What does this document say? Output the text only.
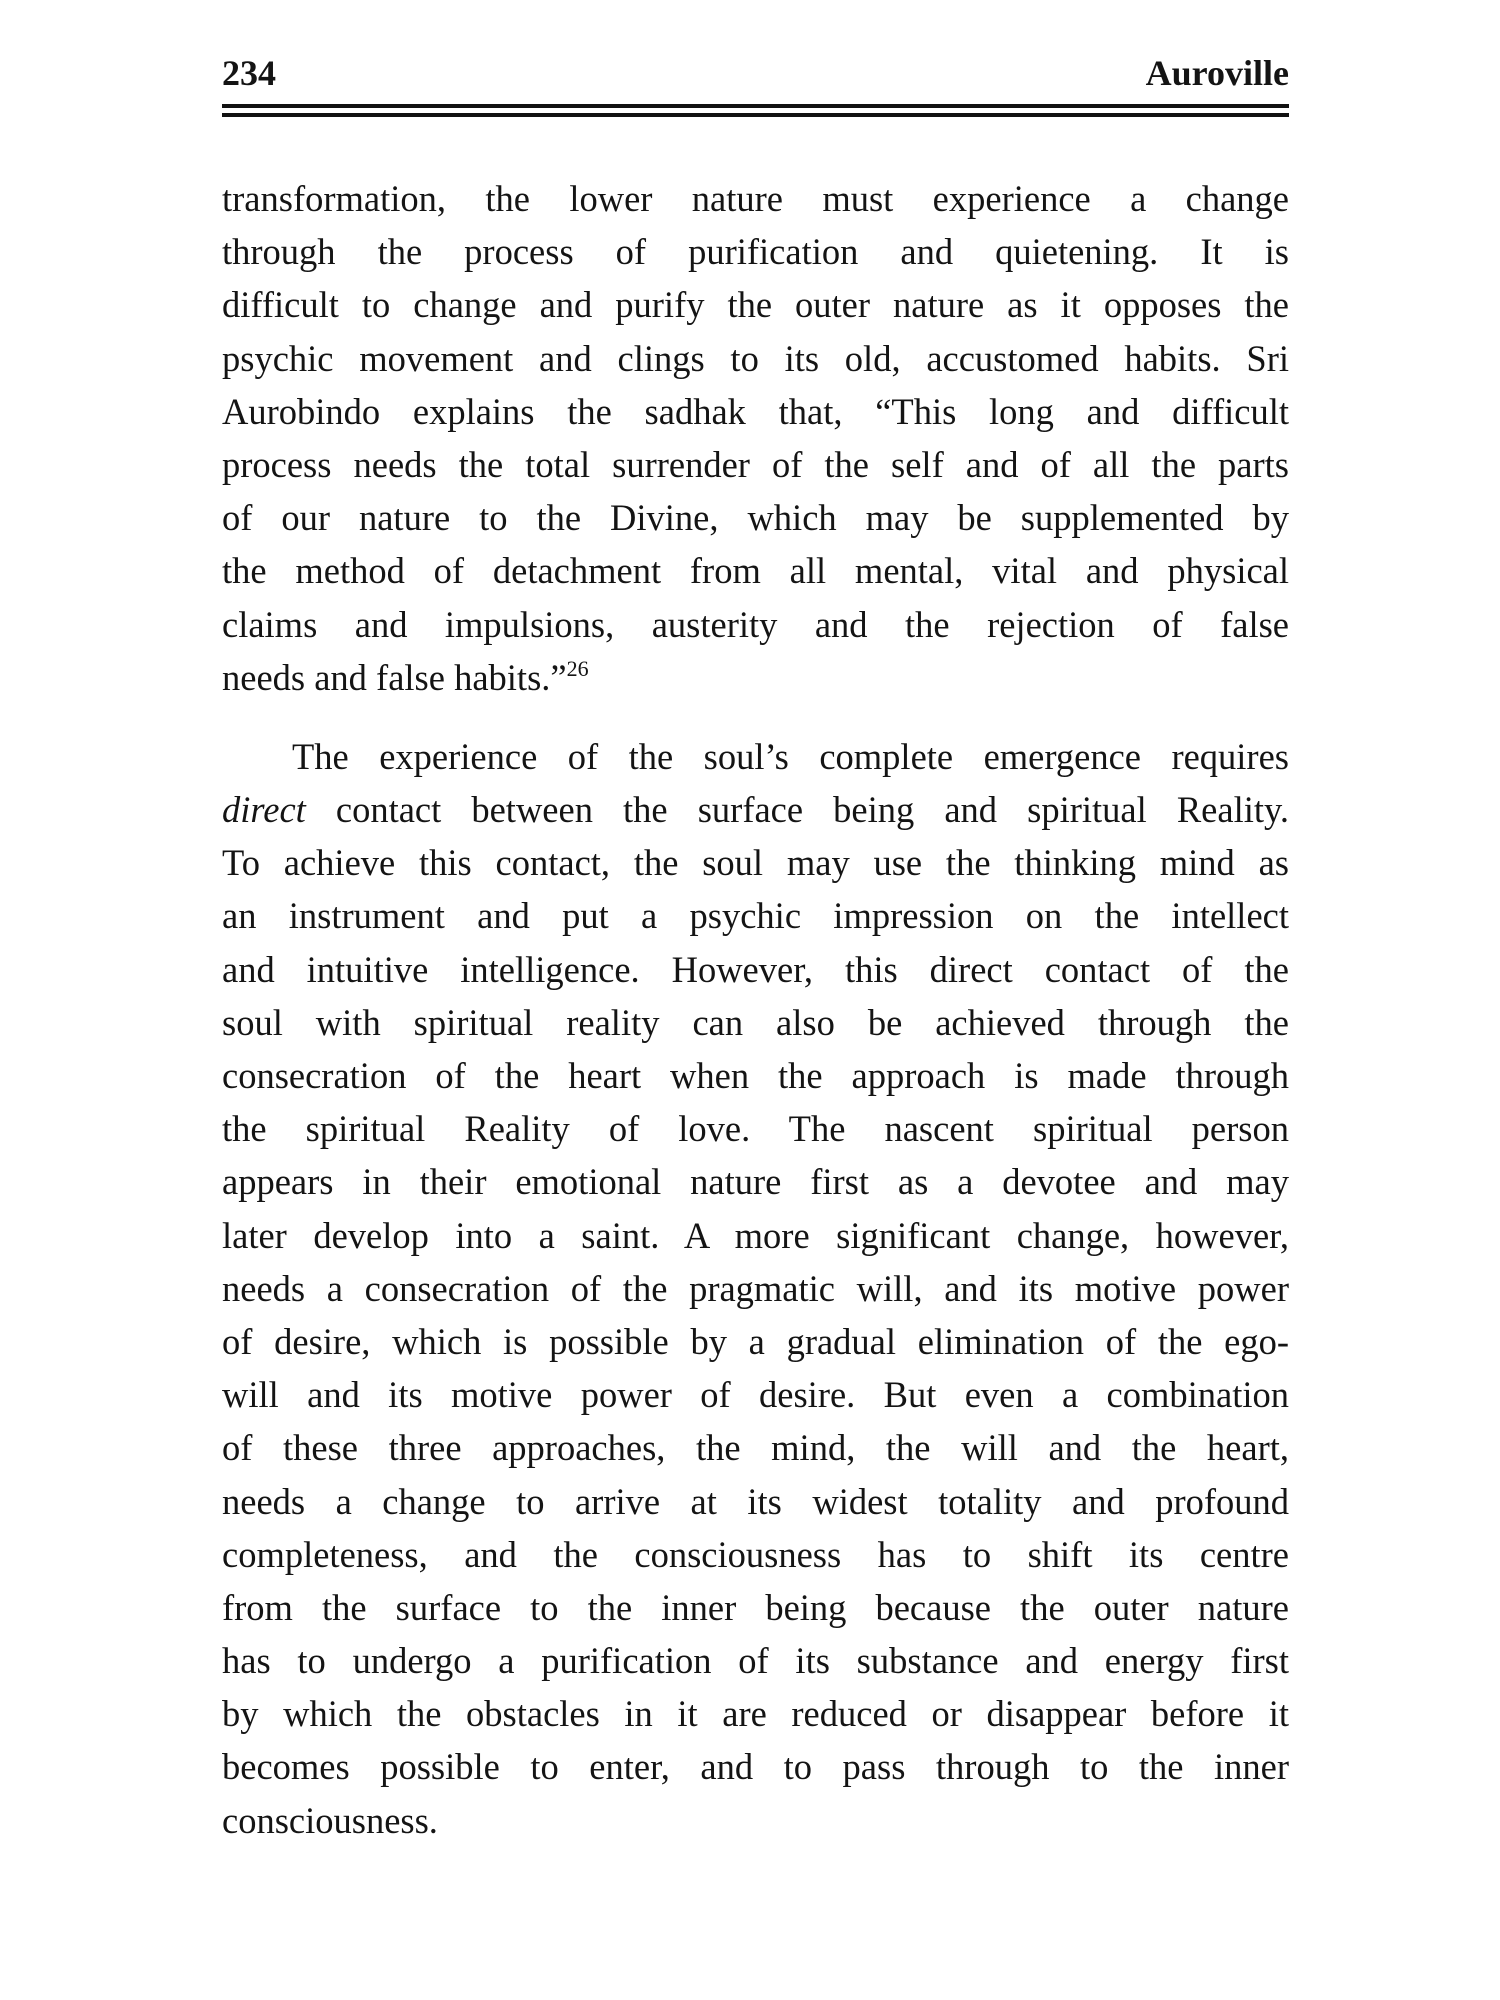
234	Auroville
transformation, the lower nature must experience a change
through the process of purification and quietening. It is
difficult to change and purify the outer nature as it opposes the
psychic movement and clings to its old, accustomed habits. Sri
Aurobindo explains the sadhak that, “This long and difficult
process needs the total surrender of the self and of all the parts
of our nature to the Divine, which may be supplemented by
the method of detachment from all mental, vital and physical
claims and impulsions, austerity and the rejection of false
needs and false habits.”$^{26}$
The experience of the soul’s complete emergence requires
direct contact between the surface being and spiritual Reality.
To achieve this contact, the soul may use the thinking mind as
an instrument and put a psychic impression on the intellect
and intuitive intelligence. However, this direct contact of the
soul with spiritual reality can also be achieved through the
consecration of the heart when the approach is made through
the spiritual Reality of love. The nascent spiritual person
appears in their emotional nature first as a devotee and may
later develop into a saint. A more significant change, however,
needs a consecration of the pragmatic will, and its motive power
of desire, which is possible by a gradual elimination of the ego-
will and its motive power of desire. But even a combination
of these three approaches, the mind, the will and the heart,
needs a change to arrive at its widest totality and profound
completeness, and the consciousness has to shift its centre
from the surface to the inner being because the outer nature
has to undergo a purification of its substance and energy first
by which the obstacles in it are reduced or disappear before it
becomes possible to enter, and to pass through to the inner
consciousness.
